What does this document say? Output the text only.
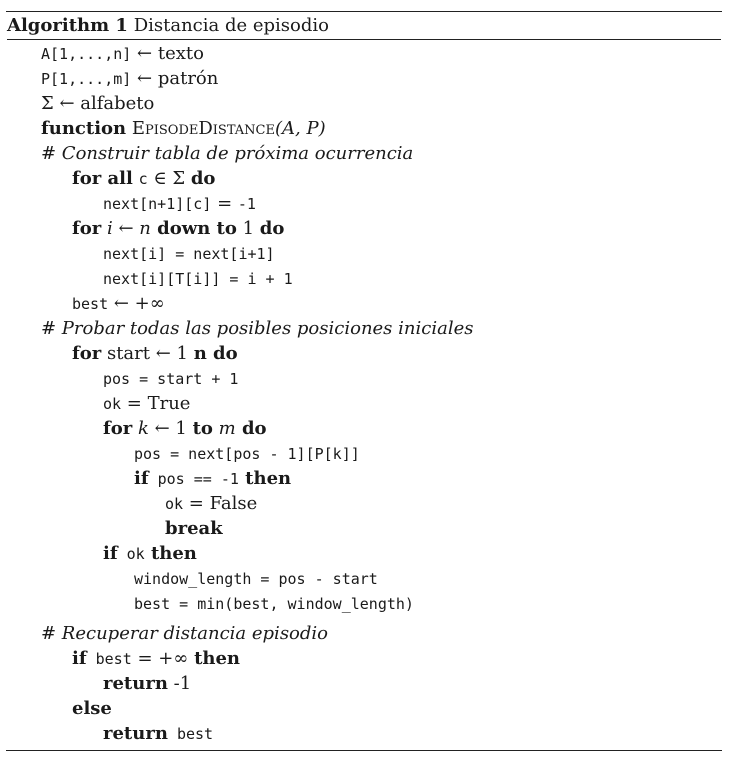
Algorithm 1 Distancia de episodio
A[1,...,n] ← texto
P[1,...,m] ← patrón
Σ ← alfabeto
function EpisodeDistance(A, P)
# Construir tabla de próxima ocurrencia
for all c ∈ Σ do
next[n+1][c] = -1
for i ← n down to 1 do
next[i] = next[i+1]
next[i][T[i]] = i + 1
best ← +∞
# Probar todas las posibles posiciones iniciales
for start ← 1 n do
pos = start + 1
ok = True
for k ← 1 to m do
pos = next[pos - 1][P[k]]
if pos == -1 then
ok = False
break
if ok then
window_length = pos - start
best = min(best, window_length)
# Recuperar distancia episodio
if best = +∞ then
return -1
else
return best
